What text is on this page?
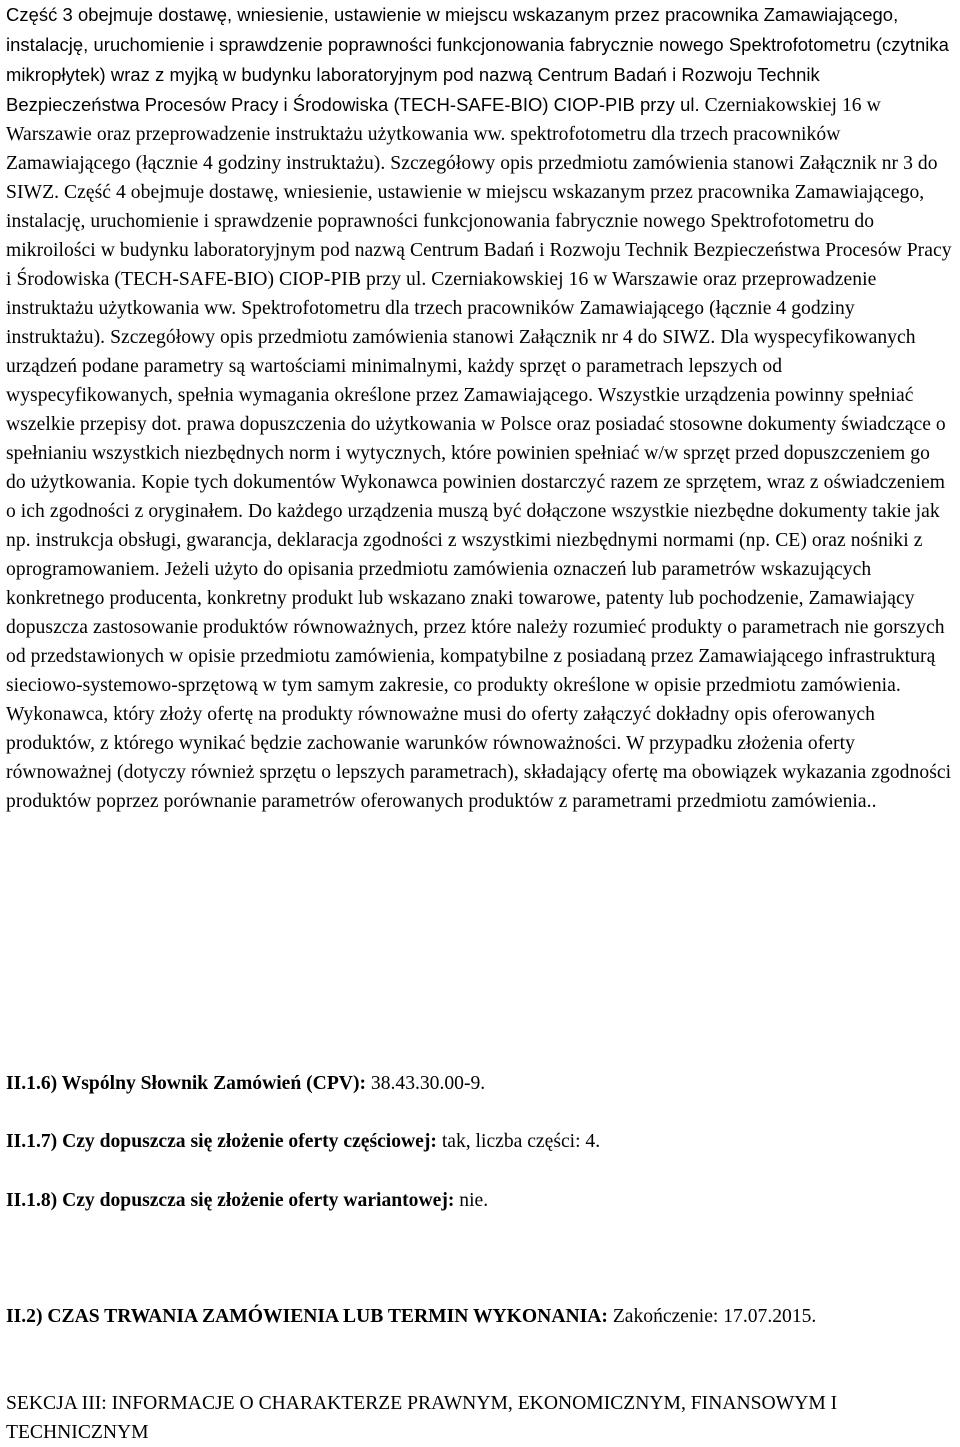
Część 3 obejmuje dostawę, wniesienie, ustawienie w miejscu wskazanym przez pracownika Zamawiającego, instalację, uruchomienie i sprawdzenie poprawności funkcjonowania fabrycznie nowego Spektrofotometru (czytnika mikropłytek) wraz z myjką w budynku laboratoryjnym pod nazwą Centrum Badań i Rozwoju Technik Bezpieczeństwa Procesów Pracy i Środowiska (TECH-SAFE-BIO) CIOP-PIB przy ul. Czerniakowskiej 16 w Warszawie oraz przeprowadzenie instruktażu użytkowania ww. spektrofotometru dla trzech pracowników Zamawiającego (łącznie 4 godziny instruktażu). Szczegółowy opis przedmiotu zamówienia stanowi Załącznik nr 3 do SIWZ. Część 4 obejmuje dostawę, wniesienie, ustawienie w miejscu wskazanym przez pracownika Zamawiającego, instalację, uruchomienie i sprawdzenie poprawności funkcjonowania fabrycznie nowego Spektrofotometru do mikroilości w budynku laboratoryjnym pod nazwą Centrum Badań i Rozwoju Technik Bezpieczeństwa Procesów Pracy i Środowiska (TECH-SAFE-BIO) CIOP-PIB przy ul. Czerniakowskiej 16 w Warszawie oraz przeprowadzenie instruktażu użytkowania ww. Spektrofotometru dla trzech pracowników Zamawiającego (łącznie 4 godziny instruktażu). Szczegółowy opis przedmiotu zamówienia stanowi Załącznik nr 4 do SIWZ. Dla wyspecyfikowanych urządzeń podane parametry są wartościami minimalnymi, każdy sprzęt o parametrach lepszych od wyspecyfikowanych, spełnia wymagania określone przez Zamawiającego. Wszystkie urządzenia powinny spełniać wszelkie przepisy dot. prawa dopuszczenia do użytkowania w Polsce oraz posiadać stosowne dokumenty świadczące o spełnianiu wszystkich niezbędnych norm i wytycznych, które powinien spełniać w/w sprzęt przed dopuszczeniem go do użytkowania. Kopie tych dokumentów Wykonawca powinien dostarczyć razem ze sprzętem, wraz z oświadczeniem o ich zgodności z oryginałem. Do każdego urządzenia muszą być dołączone wszystkie niezbędne dokumenty takie jak np. instrukcja obsługi, gwarancja, deklaracja zgodności z wszystkimi niezbędnymi normami (np. CE) oraz nośniki z oprogramowaniem. Jeżeli użyto do opisania przedmiotu zamówienia oznaczeń lub parametrów wskazujących konkretnego producenta, konkretny produkt lub wskazano znaki towarowe, patenty lub pochodzenie, Zamawiający dopuszcza zastosowanie produktów równoważnych, przez które należy rozumieć produkty o parametrach nie gorszych od przedstawionych w opisie przedmiotu zamówienia, kompatybilne z posiadaną przez Zamawiającego infrastrukturą sieciowo-systemowo-sprzętową w tym samym zakresie, co produkty określone w opisie przedmiotu zamówienia. Wykonawca, który złoży ofertę na produkty równoważne musi do oferty załączyć dokładny opis oferowanych produktów, z którego wynikać będzie zachowanie warunków równoważności. W przypadku złożenia oferty równoważnej (dotyczy również sprzętu o lepszych parametrach), składający ofertę ma obowiązek wykazania zgodności produktów poprzez porównanie parametrów oferowanych produktów z parametrami przedmiotu zamówienia..

II.1.6) Wspólny Słownik Zamówień (CPV): 38.43.30.00-9.

II.1.7) Czy dopuszcza się złożenie oferty częściowej: tak, liczba części: 4.

II.1.8) Czy dopuszcza się złożenie oferty wariantowej: nie.

II.2) CZAS TRWANIA ZAMÓWIENIA LUB TERMIN WYKONANIA: Zakończenie: 17.07.2015.

SEKCJA III: INFORMACJE O CHARAKTERZE PRAWNYM, EKONOMICZNYM, FINANSOWYM I TECHNICZNYM
